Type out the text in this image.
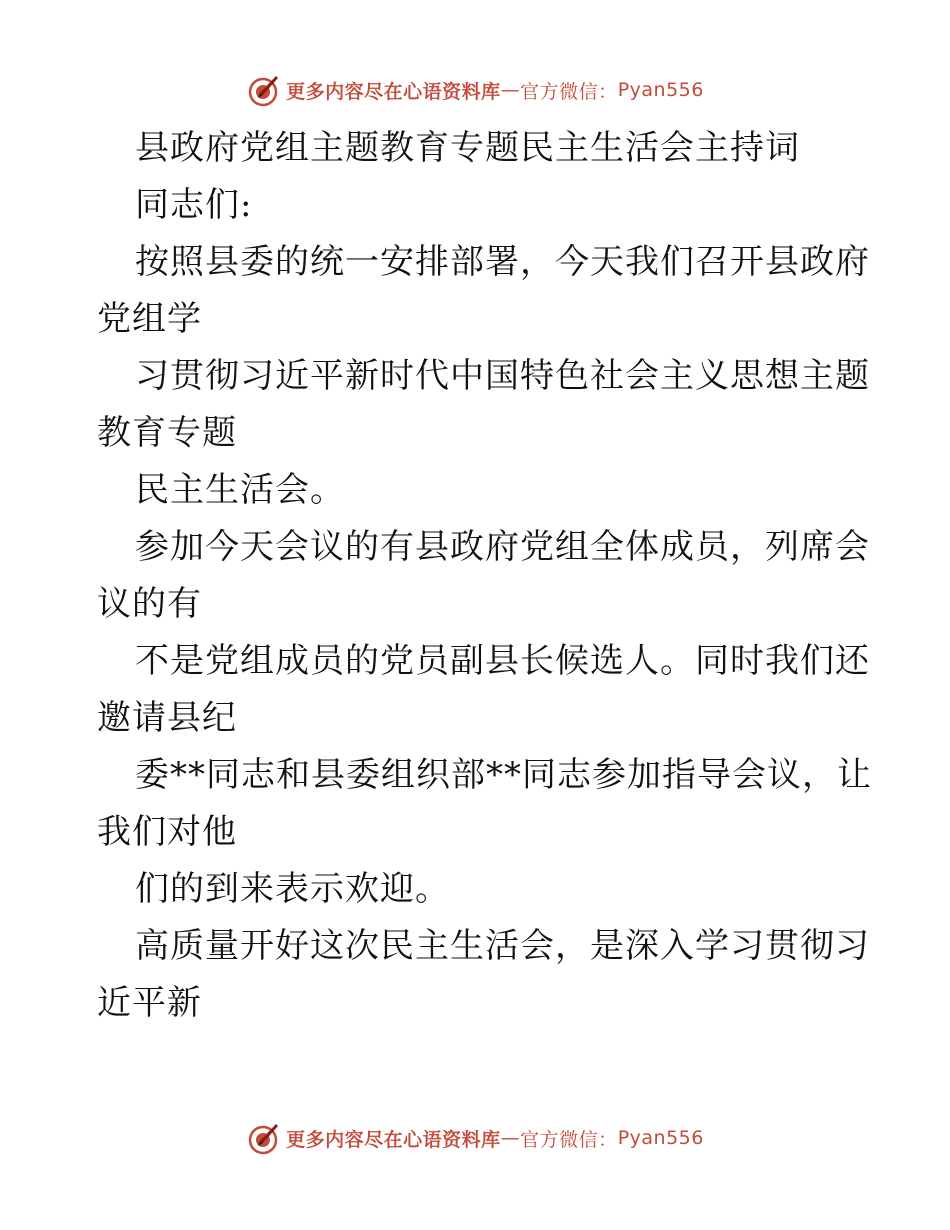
更多内容尽在心语资料库 — 官方微信： Pyan556
县政府党组主题教育专题民主生活会主持词
同志们:
按照县委的统一安排部署，今天我们召开县政府
党组学
习贯彻习近平新时代中国特色社会主义思想主题
教育专题
民主生活会。
参加今天会议的有县政府党组全体成员，列席会
议的有
不是党组成员的党员副县长候选人。同时我们还
邀请县纪
委**同志和县委组织部**同志参加指导会议，让
我们对他
们的到来表示欢迎。
高质量开好这次民主生活会，是深入学习贯彻习
近平新
更多内容尽在心语资料库 — 官方微信： Pyan556
